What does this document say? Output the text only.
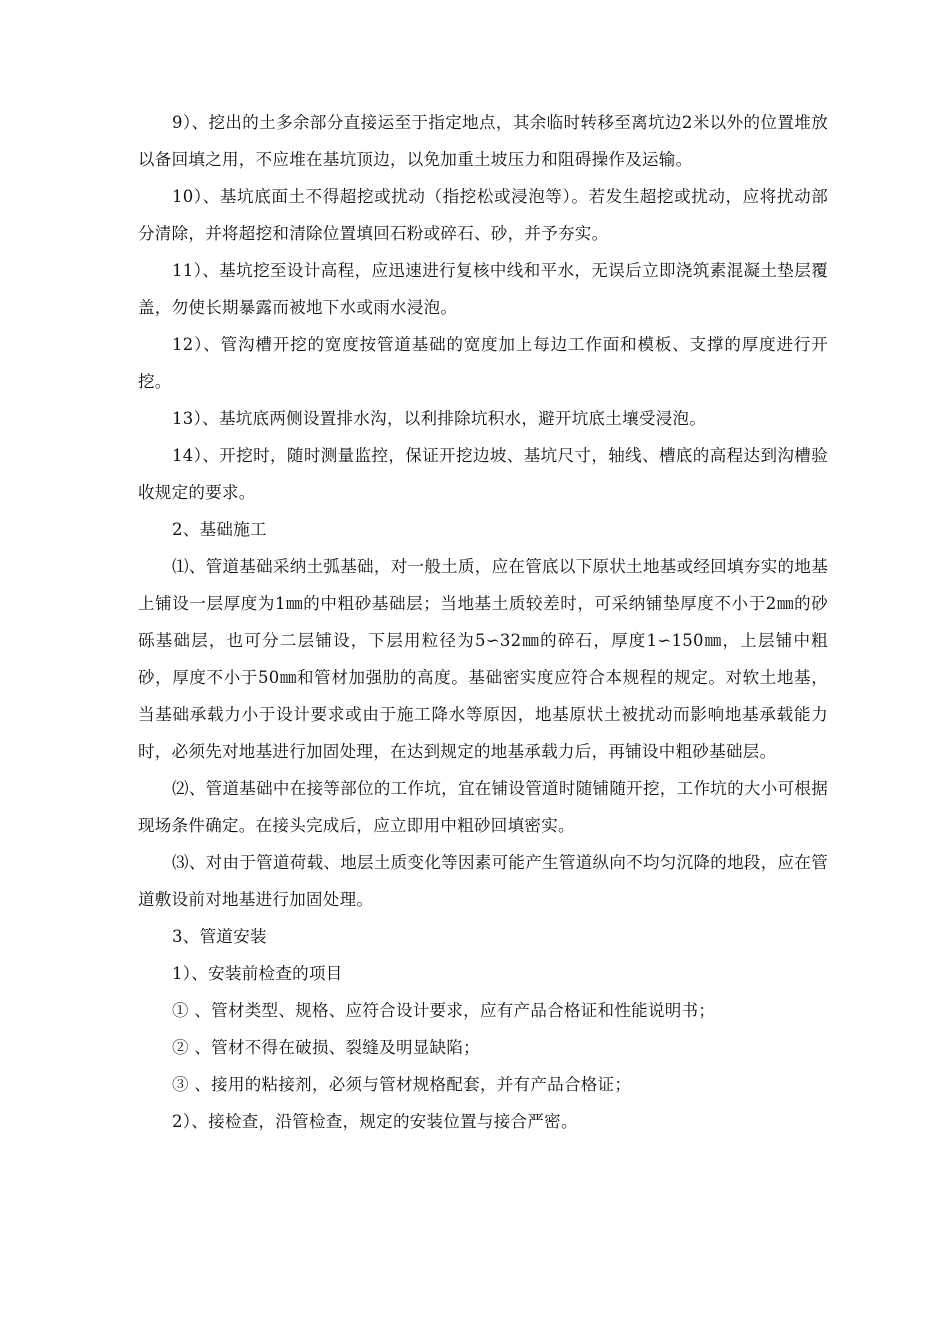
9）、挖出的土多余部分直接运至于指定地点，其余临时转移至离坑边2米以外的位置堆放以备回填之用，不应堆在基坑顶边，以免加重土坡压力和阻碍操作及运输。

10）、基坑底面土不得超挖或扰动（指挖松或浸泡等）。若发生超挖或扰动，应将扰动部分清除，并将超挖和清除位置填回石粉或碎石、砂，并予夯实。

11）、基坑挖至设计高程，应迅速进行复核中线和平水，无误后立即浇筑素混凝土垫层覆盖，勿使长期暴露而被地下水或雨水浸泡。

12）、管沟槽开挖的宽度按管道基础的宽度加上每边工作面和模板、支撑的厚度进行开挖。

13）、基坑底两侧设置排水沟，以利排除坑积水，避开坑底土壤受浸泡。

14）、开挖时，随时测量监控，保证开挖边坡、基坑尺寸，轴线、槽底的高程达到沟槽验收规定的要求。

2、基础施工

⑴、管道基础采纳土弧基础，对一般土质，应在管底以下原状土地基或经回填夯实的地基上铺设一层厚度为1㎜的中粗砂基础层；当地基土质较差时，可采纳铺垫厚度不小于2㎜的砂砾基础层，也可分二层铺设，下层用粒径为5∽32㎜的碎石，厚度1∽150㎜，上层铺中粗砂，厚度不小于50㎜和管材加强肋的高度。基础密实度应符合本规程的规定。对软土地基，当基础承载力小于设计要求或由于施工降水等原因，地基原状土被扰动而影响地基承载能力时，必须先对地基进行加固处理，在达到规定的地基承载力后，再铺设中粗砂基础层。

⑵、管道基础中在接等部位的工作坑，宜在铺设管道时随铺随开挖，工作坑的大小可根据现场条件确定。在接头完成后，应立即用中粗砂回填密实。

⑶、对由于管道荷载、地层土质变化等因素可能产生管道纵向不均匀沉降的地段，应在管道敷设前对地基进行加固处理。

3、管道安装

1）、安装前检查的项目

① 、管材类型、规格、应符合设计要求，应有产品合格证和性能说明书；

② 、管材不得在破损、裂缝及明显缺陷；

③ 、接用的粘接剂，必须与管材规格配套，并有产品合格证；

2）、接检查，沿管检查，规定的安装位置与接合严密。
